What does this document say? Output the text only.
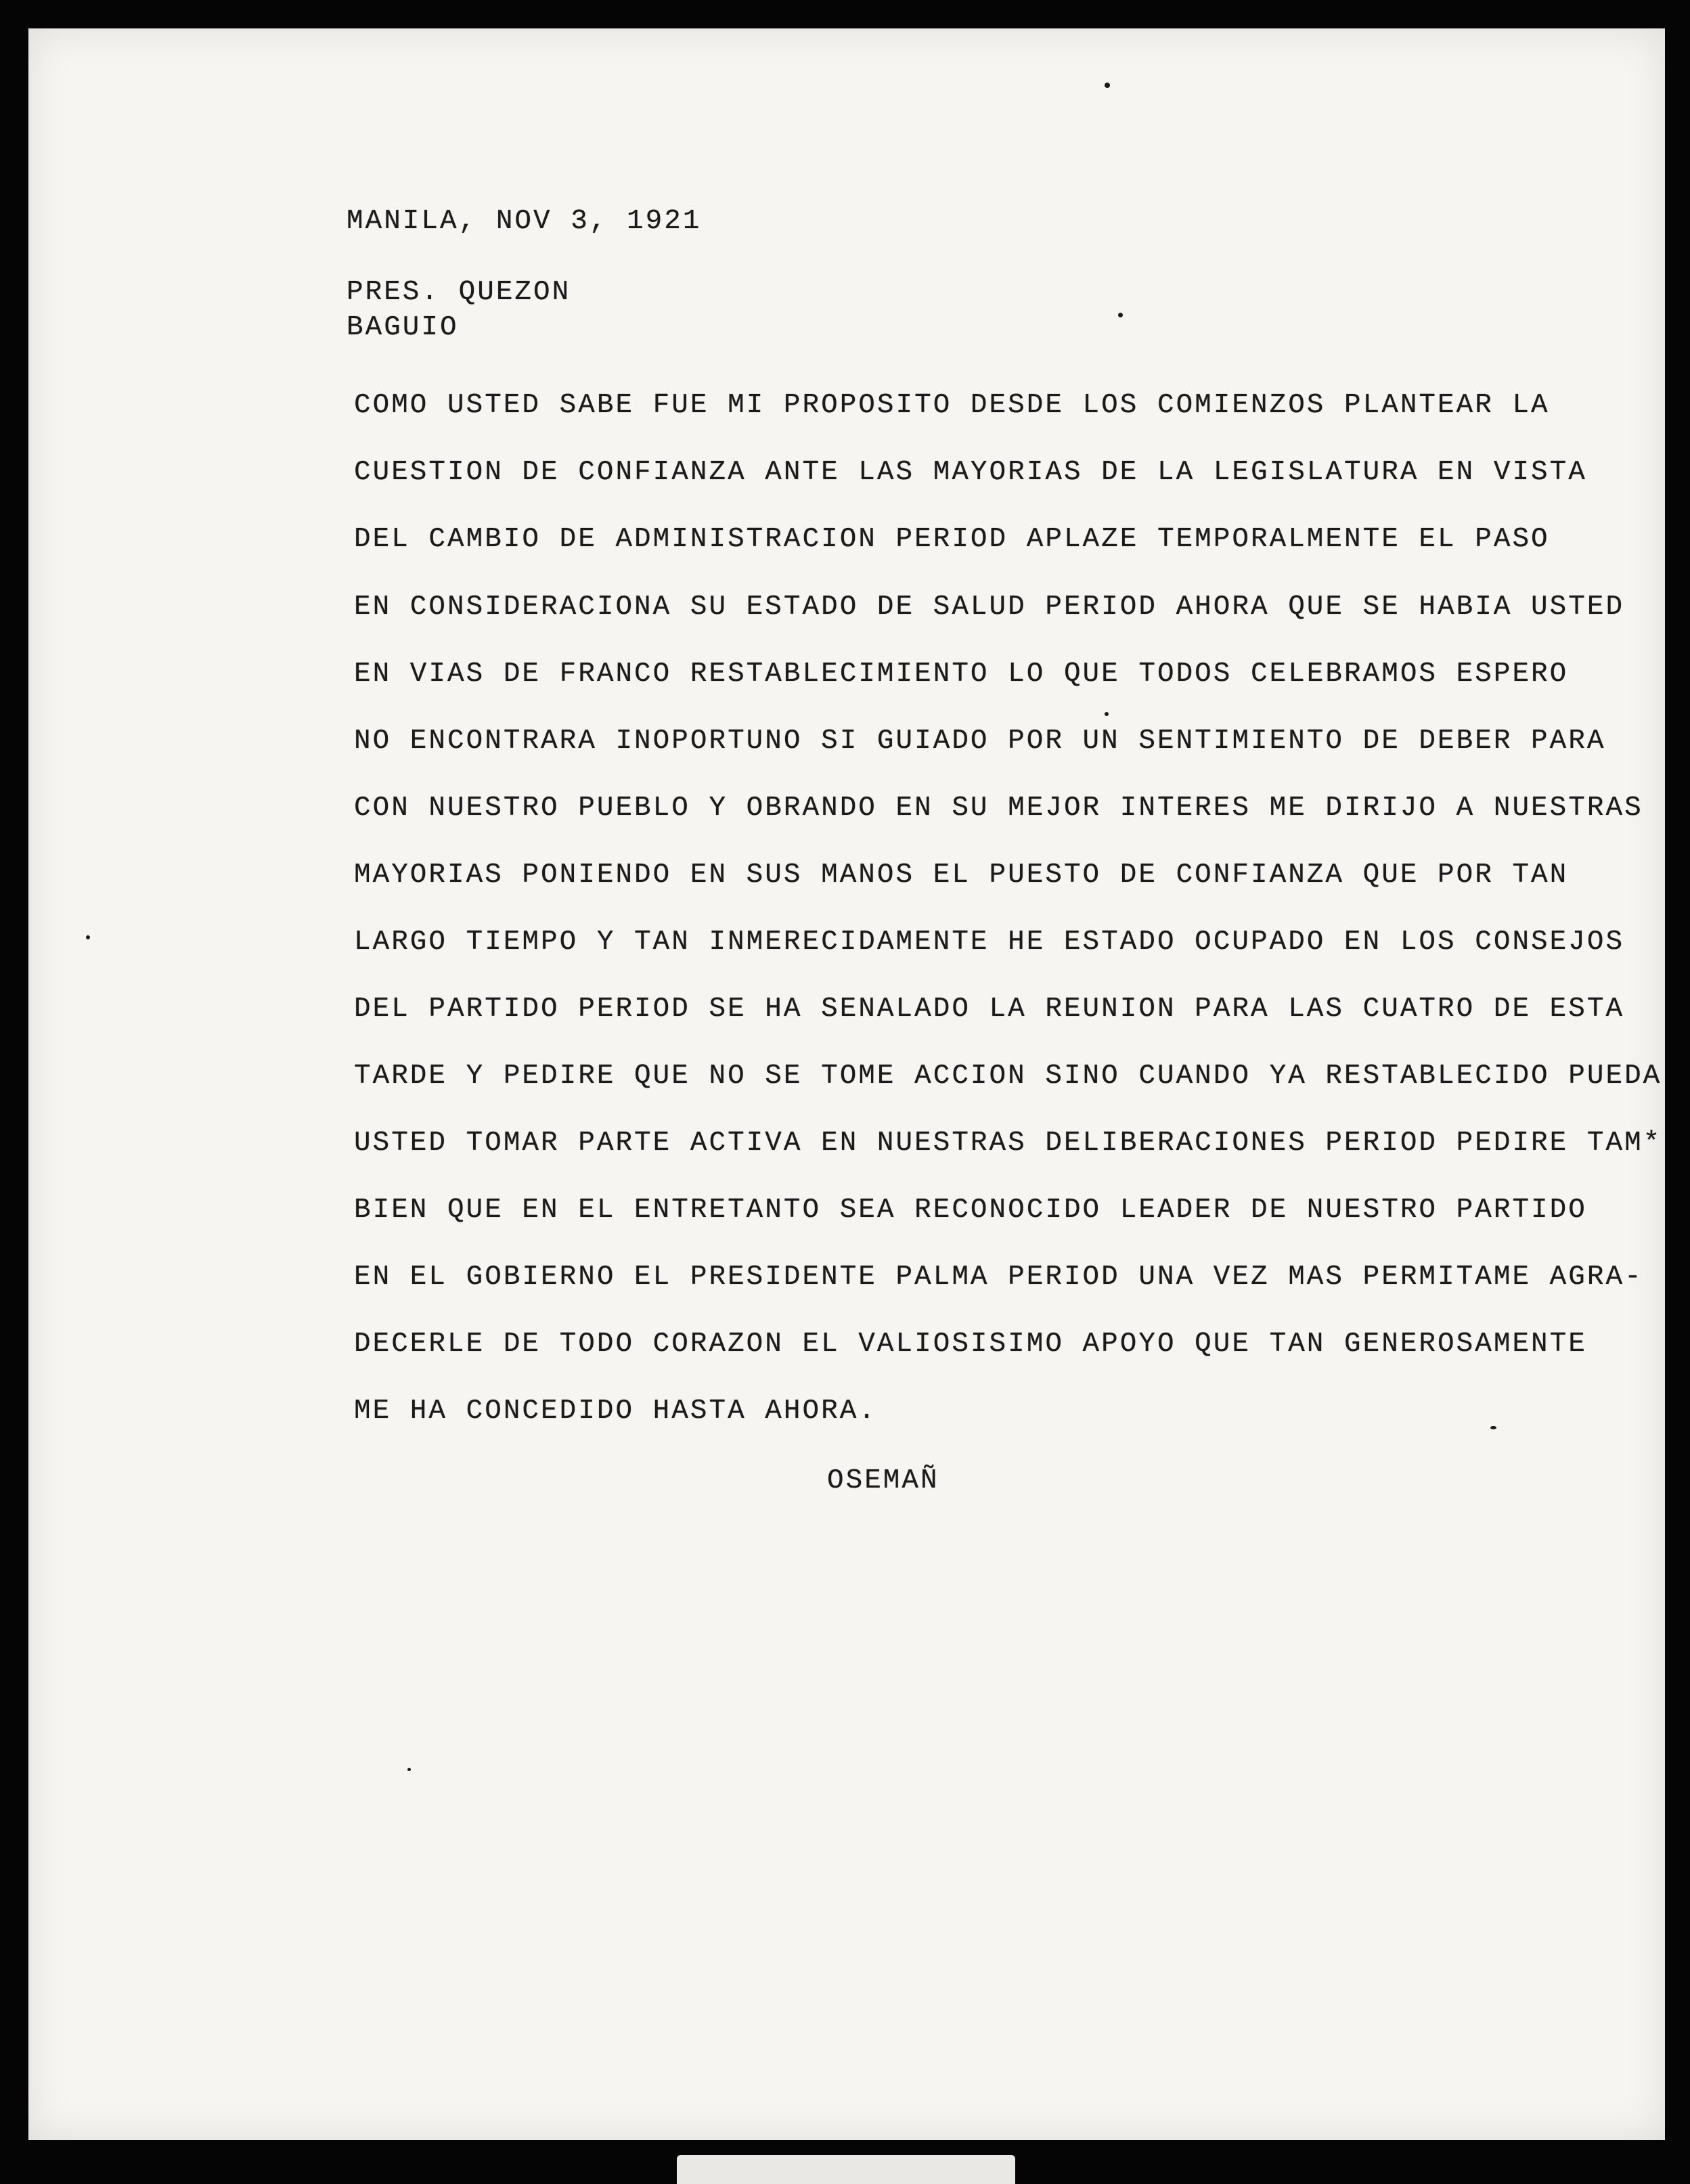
MANILA, NOV 3, 1921
PRES. QUEZON
BAGUIO
COMO USTED SABE FUE MI PROPOSITO DESDE LOS COMIENZOS PLANTEAR LA
CUESTION DE CONFIANZA ANTE LAS MAYORIAS DE LA LEGISLATURA EN VISTA
DEL CAMBIO DE ADMINISTRACION PERIOD APLAZE TEMPORALMENTE EL PASO
EN CONSIDERACIONA SU ESTADO DE SALUD PERIOD AHORA QUE SE HABIA USTED
EN VIAS DE FRANCO RESTABLECIMIENTO LO QUE TODOS CELEBRAMOS ESPERO
NO ENCONTRARA INOPORTUNO SI GUIADO POR UN SENTIMIENTO DE DEBER PARA
CON NUESTRO PUEBLO Y OBRANDO EN SU MEJOR INTERES ME DIRIJO A NUESTRAS
MAYORIAS PONIENDO EN SUS MANOS EL PUESTO DE CONFIANZA QUE POR TAN
LARGO TIEMPO Y TAN INMERECIDAMENTE HE ESTADO OCUPADO EN LOS CONSEJOS
DEL PARTIDO PERIOD SE HA SENALADO LA REUNION PARA LAS CUATRO DE ESTA
TARDE Y PEDIRE QUE NO SE TOME ACCION SINO CUANDO YA RESTABLECIDO PUEDA
USTED TOMAR PARTE ACTIVA EN NUESTRAS DELIBERACIONES PERIOD PEDIRE TAM*
BIEN QUE EN EL ENTRETANTO SEA RECONOCIDO LEADER DE NUESTRO PARTIDO
EN EL GOBIERNO EL PRESIDENTE PALMA PERIOD UNA VEZ MAS PERMITAME AGRA-
DECERLE DE TODO CORAZON EL VALIOSISIMO APOYO QUE TAN GENEROSAMENTE
ME HA CONCEDIDO HASTA AHORA.
OSEMAÑ
